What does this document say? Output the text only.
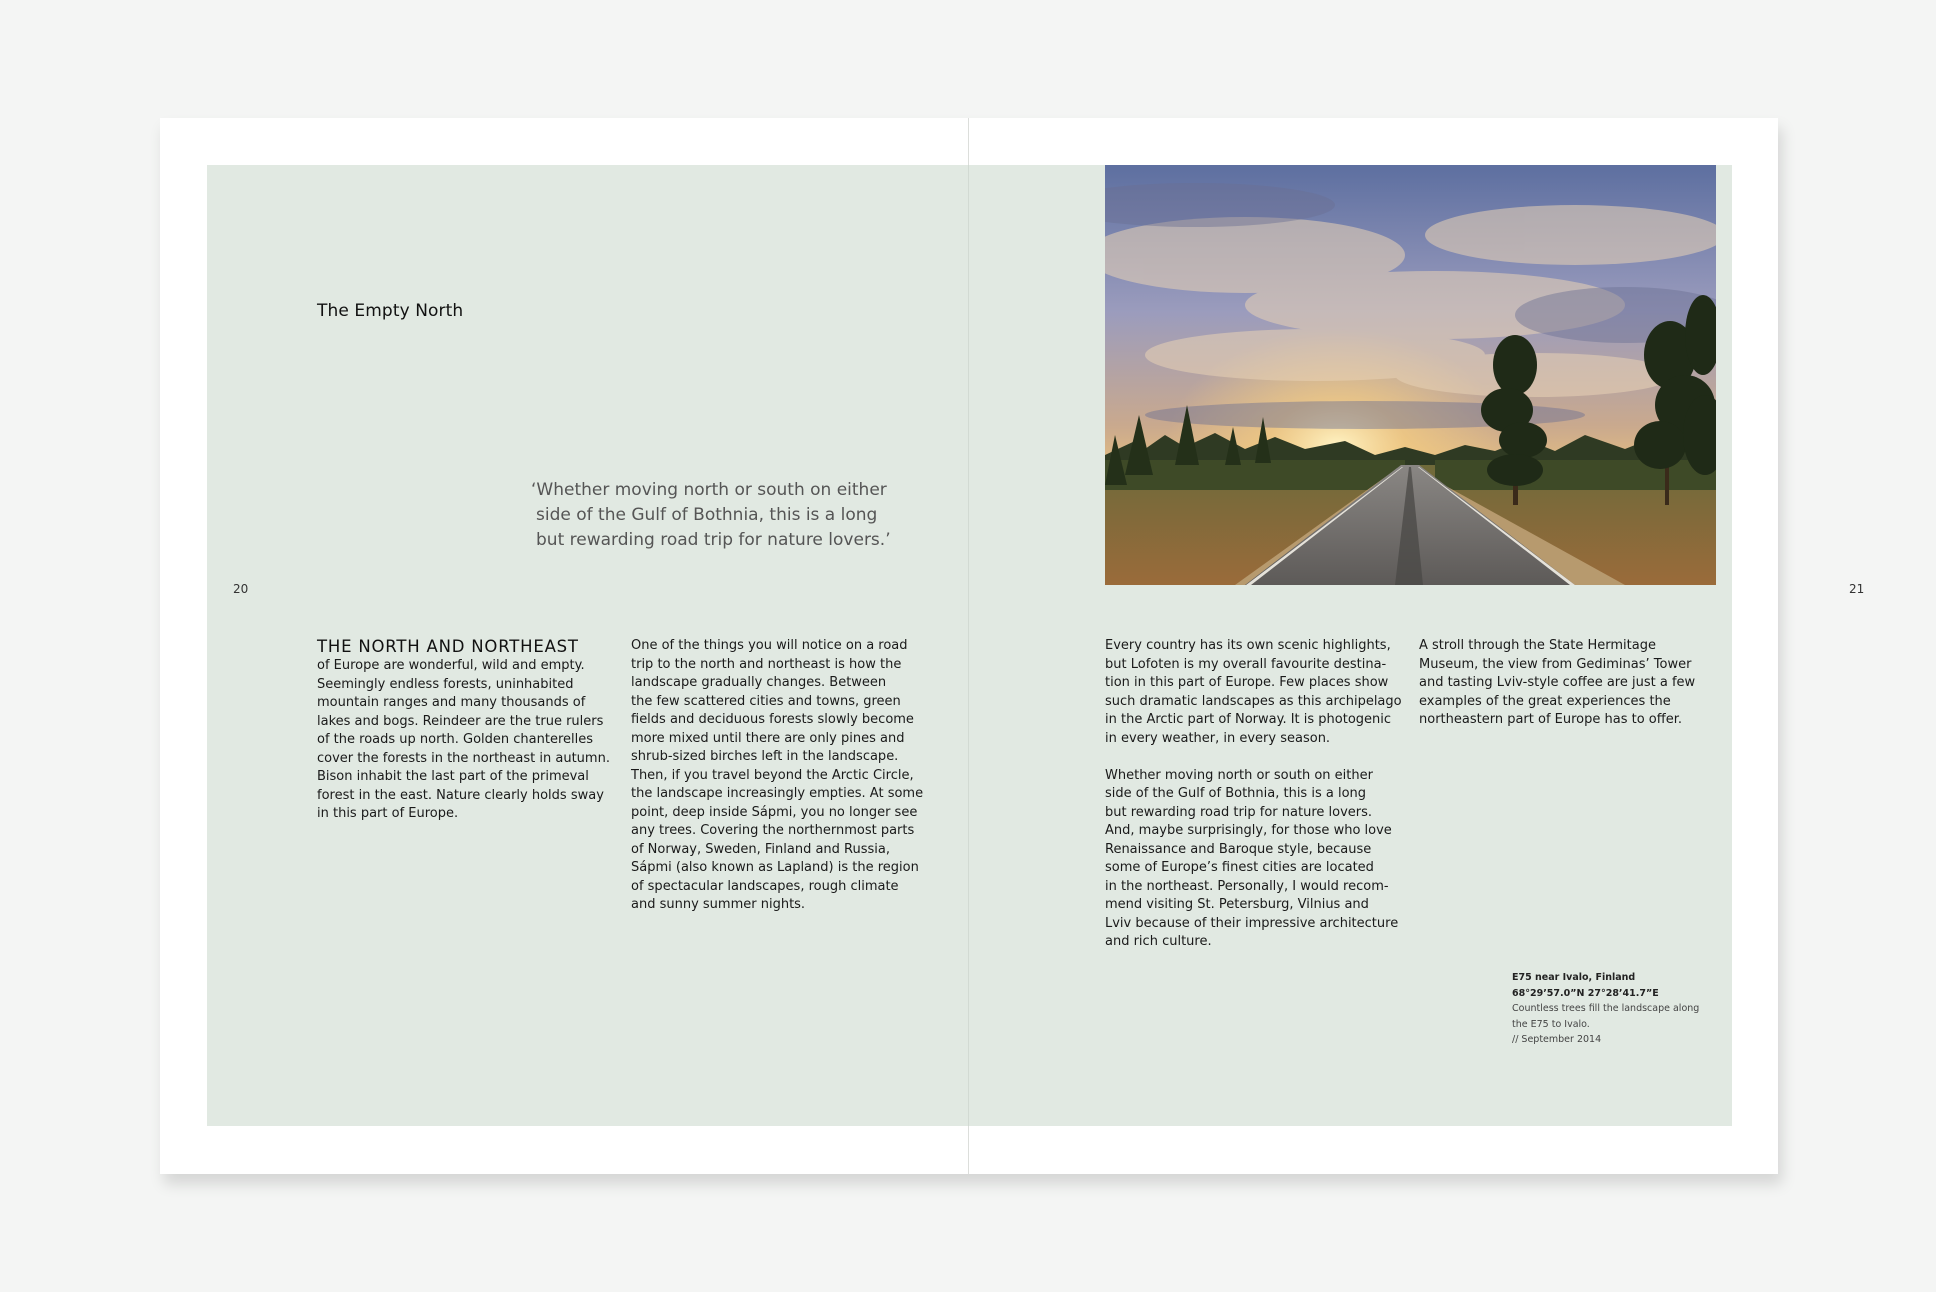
20
The Empty North
‘Whether moving north or south on either
side of the Gulf of Bothnia, this is a long
but rewarding road trip for nature lovers.’
THE NORTH AND NORTHEAST
of Europe are wonderful, wild and empty.
Seemingly endless forests, uninhabited
mountain ranges and many thousands of
lakes and bogs. Reindeer are the true rulers
of the roads up north. Golden chanterelles
cover the forests in the northeast in autumn.
Bison inhabit the last part of the primeval
forest in the east. Nature clearly holds sway
in this part of Europe.
One of the things you will notice on a road
trip to the north and northeast is how the
landscape gradually changes. Between
the few scattered cities and towns, green
fields and deciduous forests slowly become
more mixed until there are only pines and
shrub-sized birches left in the landscape.
Then, if you travel beyond the Arctic Circle,
the landscape increasingly empties. At some
point, deep inside Sápmi, you no longer see
any trees. Covering the northernmost parts
of Norway, Sweden, Finland and Russia,
Sápmi (also known as Lapland) is the region
of spectacular landscapes, rough climate
and sunny summer nights.
Every country has its own scenic highlights,
but Lofoten is my overall favourite destina-
tion in this part of Europe. Few places show
such dramatic landscapes as this archipelago
in the Arctic part of Norway. It is photogenic
in every weather, in every season.
Whether moving north or south on either
side of the Gulf of Bothnia, this is a long
but rewarding road trip for nature lovers.
And, maybe surprisingly, for those who love
Renaissance and Baroque style, because
some of Europe’s finest cities are located
in the northeast. Personally, I would recom-
mend visiting St. Petersburg, Vilnius and
Lviv because of their impressive architecture
and rich culture.
A stroll through the State Hermitage
Museum, the view from Gediminas’ Tower
and tasting Lviv-style coffee are just a few
examples of the great experiences the
northeastern part of Europe has to offer.
E75 near Ivalo, Finland
68°29’57.0”N 27°28’41.7”E
Countless trees fill the landscape along
the E75 to Ivalo.
// September 2014
21
